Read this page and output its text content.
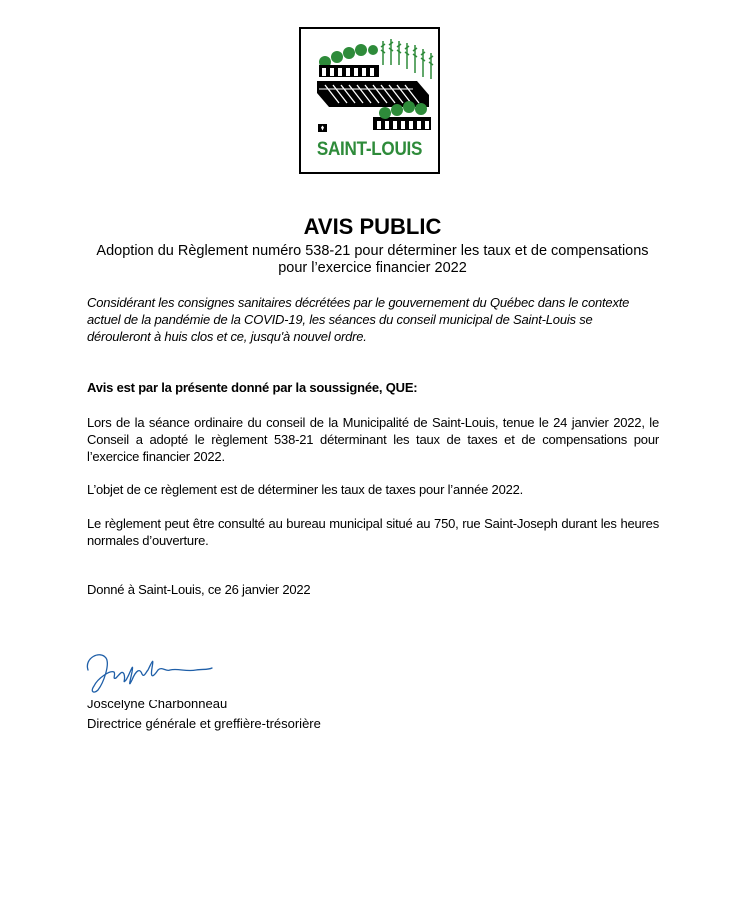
SAINT-LOUIS
AVIS PUBLIC
Adoption du Règlement numéro 538-21 pour déterminer les taux et de compensations pour l’exercice financier 2022
Considérant les consignes sanitaires décrétées par le gouvernement du Québec dans le contexte actuel de la pandémie de la COVID-19, les séances du conseil municipal de Saint-Louis se dérouleront à huis clos et ce, jusqu'à nouvel ordre.
Avis est par la présente donné par la soussignée, QUE:
Lors de la séance ordinaire du conseil de la Municipalité de Saint-Louis, tenue le 24 janvier 2022, le Conseil a adopté le règlement 538-21 déterminant les taux de taxes et de compensations pour l’exercice financier 2022.
L’objet de ce règlement est de déterminer les taux de taxes pour l’année 2022.
Le règlement peut être consulté au bureau municipal situé au 750, rue Saint-Joseph durant les heures normales d’ouverture.
Donné à Saint-Louis, ce 26 janvier 2022
Joscelyne Charbonneau
Directrice générale et greffière-trésorière
